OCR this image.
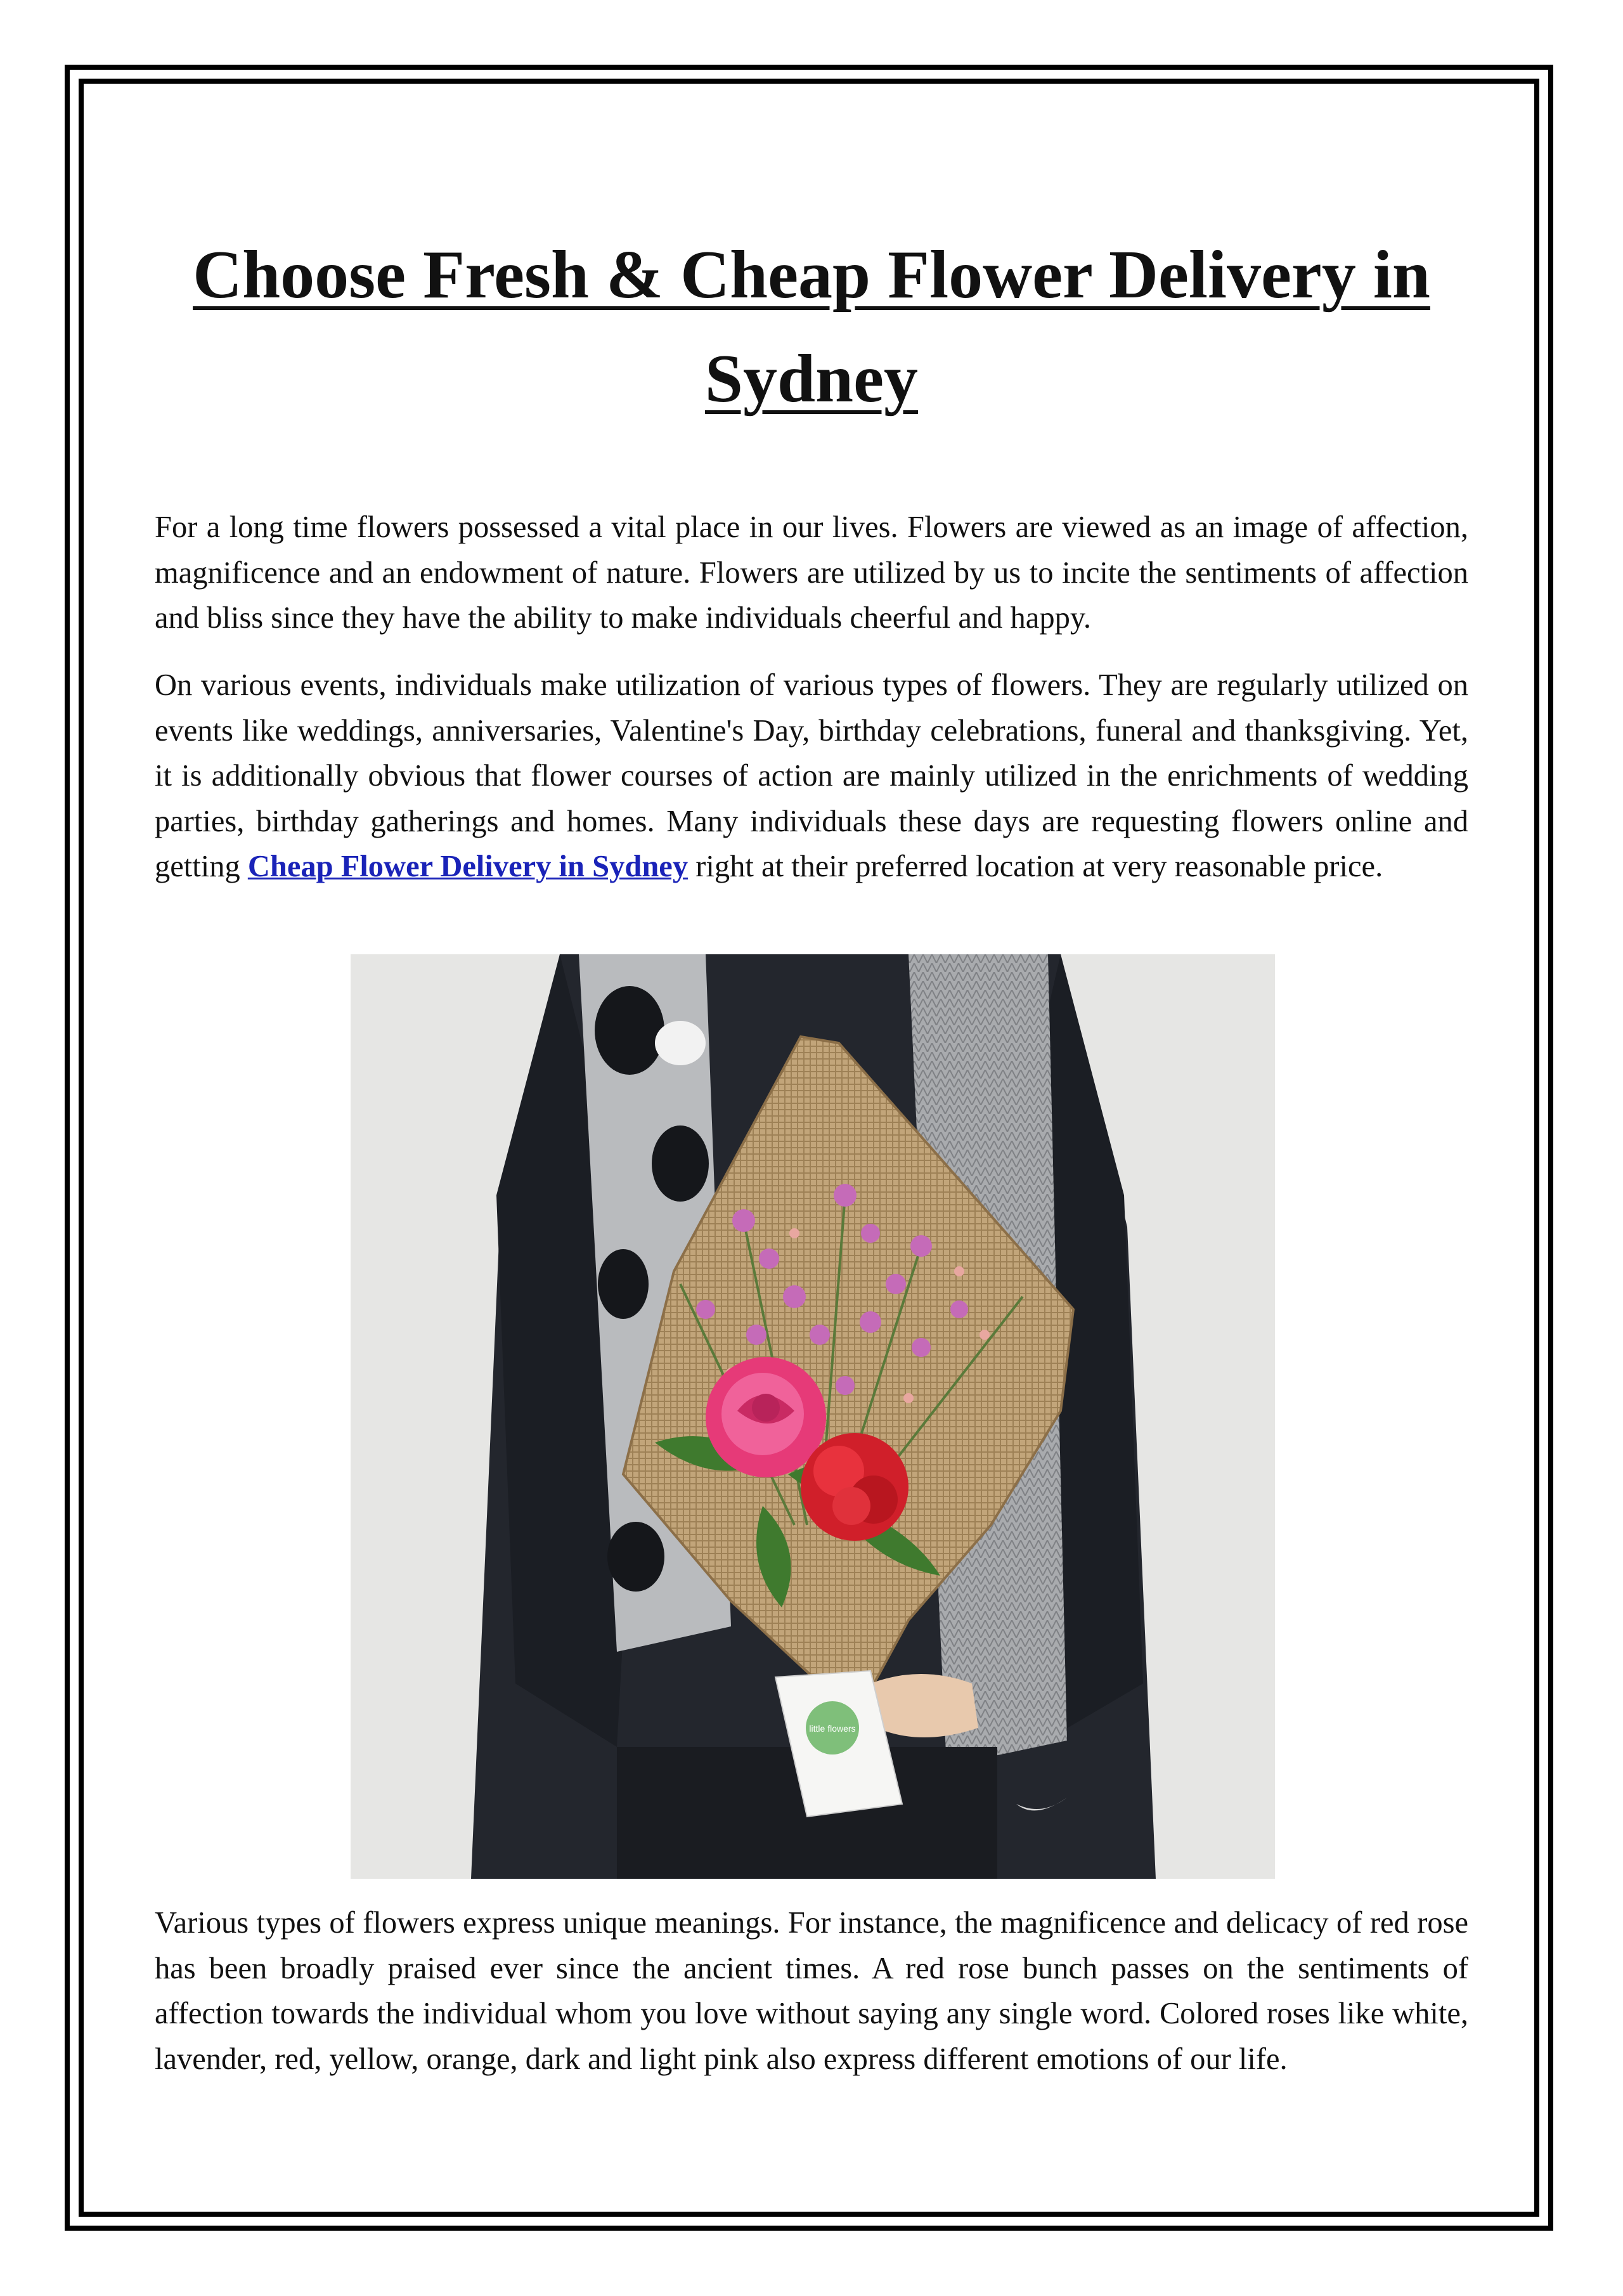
Choose Fresh & Cheap Flower Delivery in Sydney

For a long time flowers possessed a vital place in our lives. Flowers are viewed as an image of affection, magnificence and an endowment of nature. Flowers are utilized by us to incite the sentiments of affection and bliss since they have the ability to make individuals cheerful and happy.

On various events, individuals make utilization of various types of flowers. They are regularly utilized on events like weddings, anniversaries, Valentine's Day, birthday celebrations, funeral and thanksgiving. Yet, it is additionally obvious that flower courses of action are mainly utilized in the enrichments of wedding parties, birthday gatherings and homes. Many individuals these days are requesting flowers online and getting Cheap Flower Delivery in Sydney right at their preferred location at very reasonable price.

little flowers

Various types of flowers express unique meanings. For instance, the magnificence and delicacy of red rose has been broadly praised ever since the ancient times. A red rose bunch passes on the sentiments of affection towards the individual whom you love without saying any single word. Colored roses like white, lavender, red, yellow, orange, dark and light pink also express different emotions of our life.
